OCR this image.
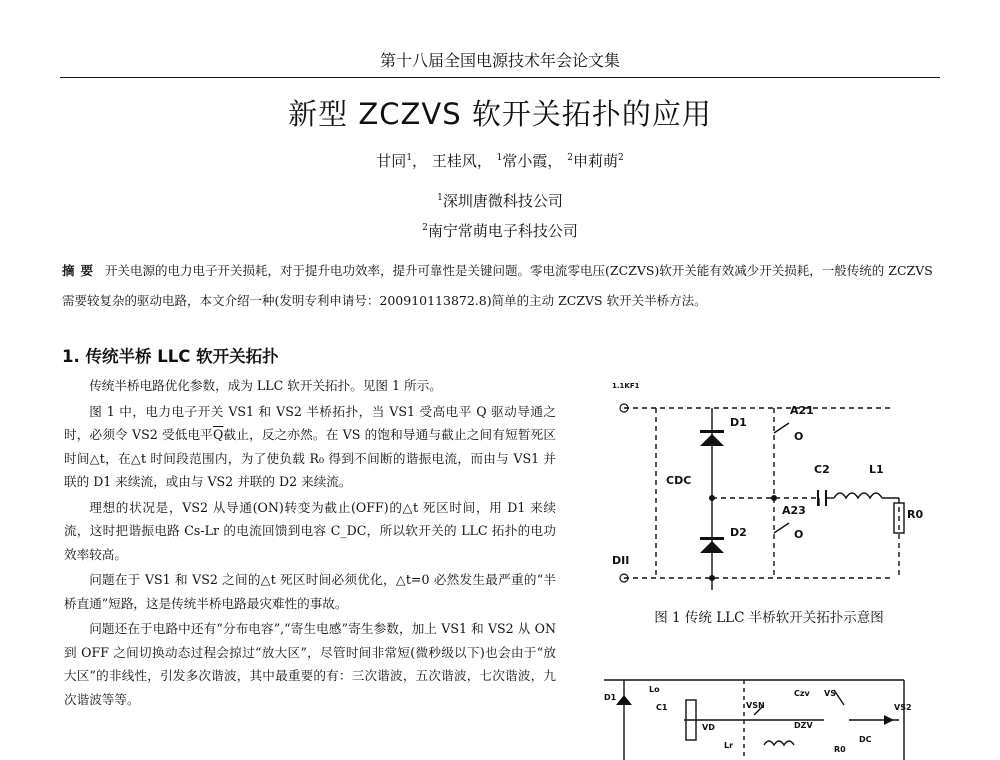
第十八届全国电源技术年会论文集
新型 ZCZVS 软开关拓扑的应用
甘同$^1$， 王桂风， $^1$常小霞， $^2$申莉萌$^2$
$^1$深圳唐微科技公司
$^2$南宁常萌电子科技公司
摘要 开关电源的电力电子开关损耗，对于提升电功效率，提升可靠性是关键问题。零电流零电压(ZCZVS)软开关能有效减少开关损耗，一般传统的 ZCZVS 需要较复杂的驱动电路，本文介绍一种(发明专利申请号：200910113872.8)简单的主动 ZCZVS 软开关半桥方法。
1. 传统半桥 LLC 软开关拓扑

传统半桥电路优化参数，成为 LLC 软开关拓扑。见图 1 所示。

图 1 中，电力电子开关 VS1 和 VS2 半桥拓扑，当 VS1 受高电平 Q 驱动导通之时，必须令 VS2 受低电平$\overline{Q}$截止，反之亦然。在 VS 的饱和导通与截止之间有短暂死区时间△t，在△t 时间段范围内，为了使负载 R₀ 得到不间断的谐振电流，而由与 VS1 并联的 D1 来续流，或由与 VS2 并联的 D2 来续流。

理想的状况是，VS2 从导通(ON)转变为截止(OFF)的△t 死区时间，用 D1 来续流，这时把谐振电路 Cs-Lr 的电流回馈到电容 C_DC，所以软开关的 LLC 拓扑的电功效率较高。

问题在于 VS1 和 VS2 之间的△t 死区时间必须优化，△t=0 必然发生最严重的“半桥直通”短路，这是传统半桥电路最灾难性的事故。

问题还在于电路中还有“分布电容”,“寄生电感”寄生参数，加上 VS1 和 VS2 从 ON 到 OFF 之间切换动态过程会掠过“放大区”，尽管时间非常短(微秒级以下)也会由于“放大区”的非线性，引发多次谐波，其中最重要的有：三次谐波，五次谐波，七次谐波，九次谐波等等。

1.1KF1
D1
A21
O
CDC
C2	L1
A23
D2	O
R0
DII
图 1 传统 LLC 半桥软开关拓扑示意图
Lo
D1
C1
Czv VS
VSN
DZV
R0
Lr
VD
VS2
DC
